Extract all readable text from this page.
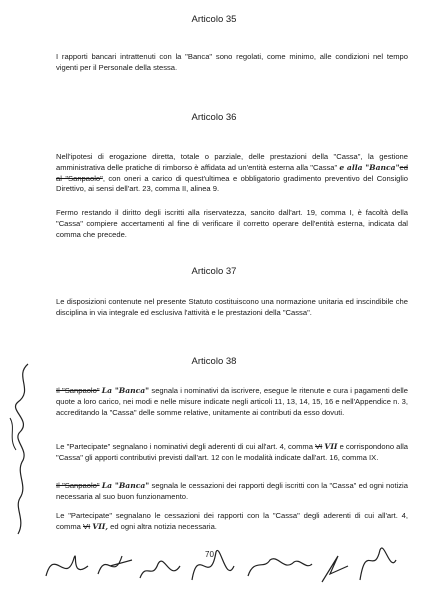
Articolo 35
I rapporti bancari intrattenuti con la "Banca" sono regolati, come minimo, alle condizioni nel tempo vigenti per il Personale della stessa.
Articolo 36
Nell'ipotesi di erogazione diretta, totale o parziale, delle prestazioni della "Cassa", la gestione amministrativa delle pratiche di rimborso è affidata ad un'entità esterna alla "Cassa" e alla "Banca"ed al "Sanpaolo", con oneri a carico di quest'ultimea e obbligatorio gradimento preventivo del Consiglio Direttivo, ai sensi dell'art. 23, comma II, alinea 9.
Fermo restando il diritto degli iscritti alla riservatezza, sancito dall'art. 19, comma I, è facoltà della "Cassa" compiere accertamenti al fine di verificare il corretto operare dell'entità esterna, indicata dal comma che precede.
Articolo 37
Le disposizioni contenute nel presente Statuto costituiscono una normazione unitaria ed inscindibile che disciplina in via integrale ed esclusiva l'attività e le prestazioni della "Cassa".
Articolo 38
Il "Sanpaolo" La "Banca" segnala i nominativi da iscrivere, esegue le ritenute e cura i pagamenti delle quote a loro carico, nei modi e nelle misure indicate negli articoli 11, 13, 14, 15, 16 e nell'Appendice n. 3, accreditando la "Cassa" delle somme relative, unitamente ai contributi da esso dovuti.
Le "Partecipate" segnalano i nominativi degli aderenti di cui all'art. 4, comma VI VII e corrispondono alla "Cassa" gli apporti contributivi previsti dall'art. 12 con le modalità indicate dall'art. 16, comma IX.
Il "Sanpaolo" La "Banca" segnala le cessazioni dei rapporti degli iscritti con la "Cassa" ed ogni notizia necessaria al suo buon funzionamento.
Le "Partecipate" segnalano le cessazioni dei rapporti con la "Cassa" degli aderenti di cui all'art. 4, comma VI VII, ed ogni altra notizia necessaria.
70
